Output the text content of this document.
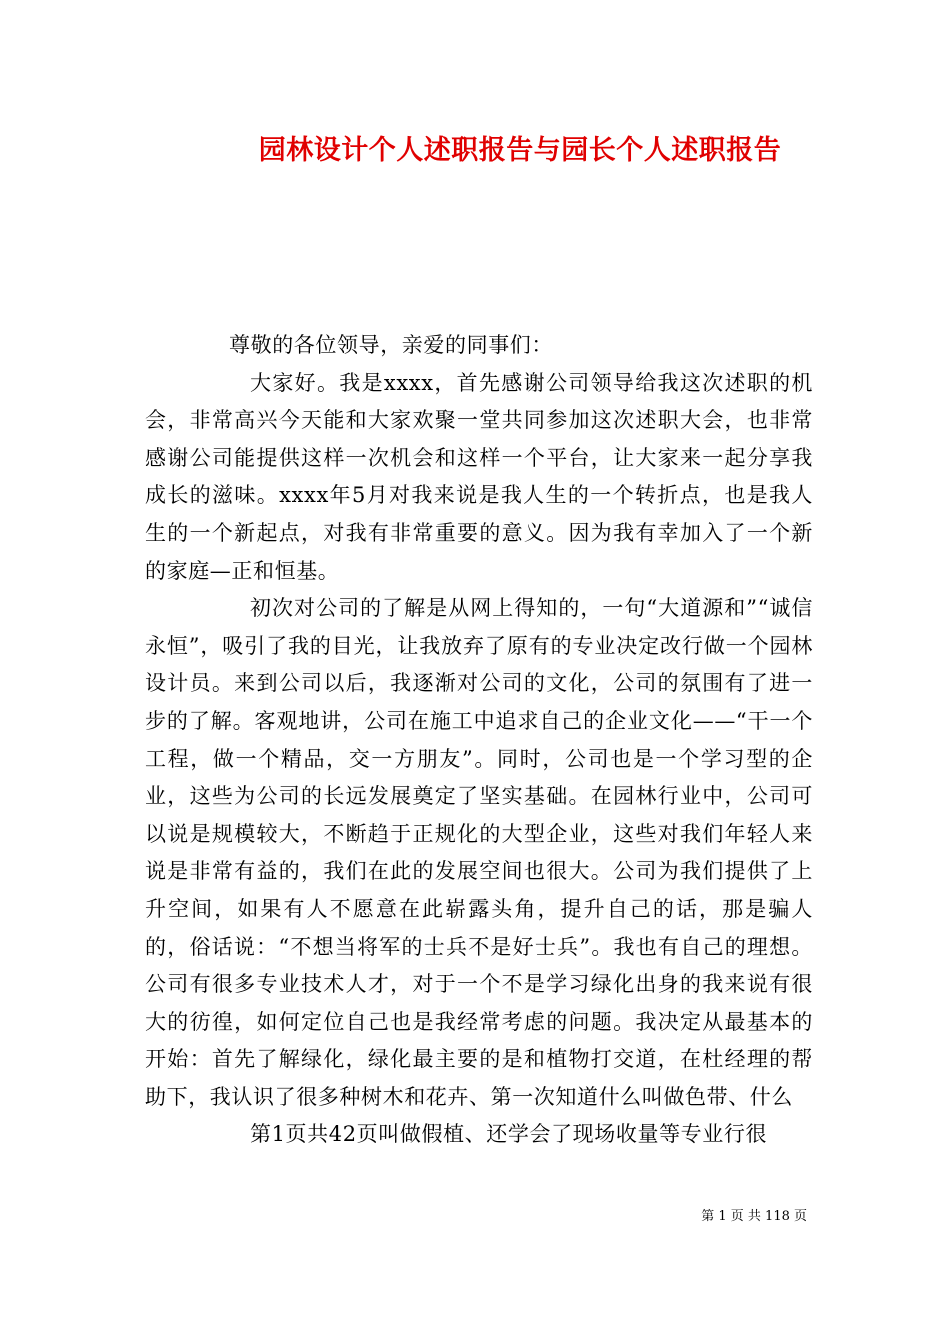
园林设计个人述职报告与园长个人述职报告

尊敬的各位领导，亲爱的同事们：

大家好。我是xxxx，首先感谢公司领导给我这次述职的机会，非常高兴今天能和大家欢聚一堂共同参加这次述职大会，也非常感谢公司能提供这样一次机会和这样一个平台，让大家来一起分享我成长的滋味。xxxx年5月对我来说是我人生的一个转折点，也是我人生的一个新起点，对我有非常重要的意义。因为我有幸加入了一个新的家庭—正和恒基。

初次对公司的了解是从网上得知的，一句“大道源和”“诚信永恒”，吸引了我的目光，让我放弃了原有的专业决定改行做一个园林设计员。来到公司以后，我逐渐对公司的文化，公司的氛围有了进一步的了解。客观地讲，公司在施工中追求自己的企业文化——“干一个工程，做一个精品，交一方朋友”。同时，公司也是一个学习型的企业，这些为公司的长远发展奠定了坚实基础。在园林行业中，公司可以说是规模较大，不断趋于正规化的大型企业，这些对我们年轻人来说是非常有益的，我们在此的发展空间也很大。公司为我们提供了上升空间，如果有人不愿意在此崭露头角，提升自己的话，那是骗人的，俗话说：“不想当将军的士兵不是好士兵”。我也有自己的理想。公司有很多专业技术人才，对于一个不是学习绿化出身的我来说有很大的彷徨，如何定位自己也是我经常考虑的问题。我决定从最基本的开始：首先了解绿化，绿化最主要的是和植物打交道，在杜经理的帮助下，我认识了很多种树木和花卉、第一次知道什么叫做色带、什么

第1页共42页叫做假植、还学会了现场收量等专业行很

第 1 页 共 118 页
